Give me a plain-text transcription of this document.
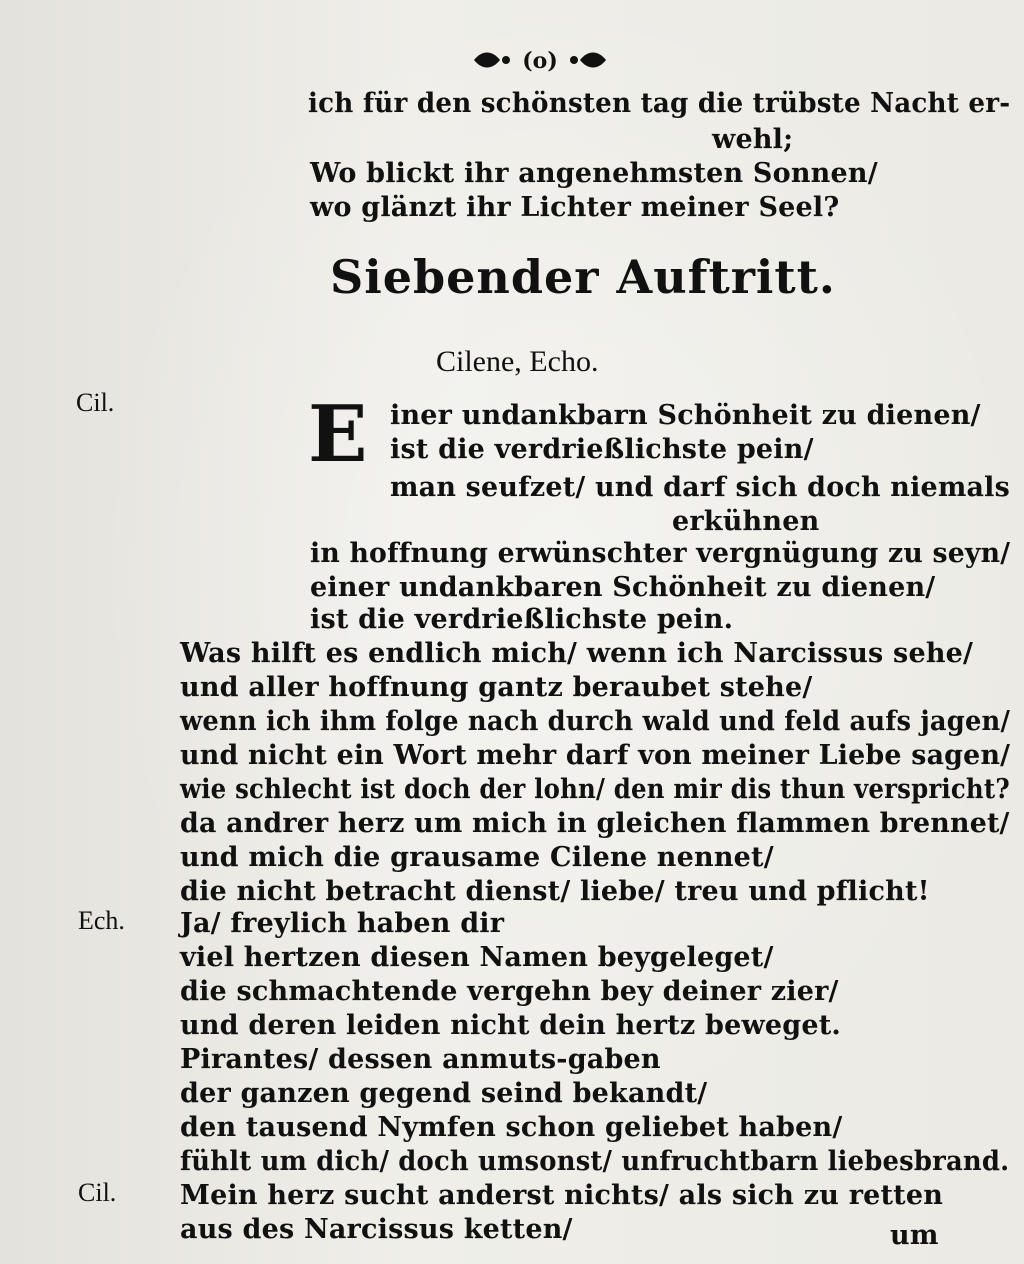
(o)
ich für den schönsten tag die trübste Nacht er-
wehl;
Wo blickt ihr angenehmsten Sonnen/
wo glänzt ihr Lichter meiner Seel?
Siebender Auftritt.
Cilene, Echo.
Cil. E iner undankbarn Schönheit zu dienen/
ist die verdrießlichste pein/
man seufzet/ und darf sich doch niemals
erkühnen
in hoffnung erwünschter vergnügung zu seyn/
einer undankbaren Schönheit zu dienen/
ist die verdrießlichste pein.
Was hilft es endlich mich/ wenn ich Narcissus sehe/
und aller hoffnung gantz beraubet stehe/
wenn ich ihm folge nach durch wald und feld aufs jagen/
und nicht ein Wort mehr darf von meiner Liebe sagen/
wie schlecht ist doch der lohn/ den mir dis thun verspricht?
da andrer herz um mich in gleichen flammen brennet/
und mich die grausame Cilene nennet/
die nicht betracht dienst/ liebe/ treu und pflicht!
Ech. Ja/ freylich haben dir
viel hertzen diesen Namen beygeleget/
die schmachtende vergehn bey deiner zier/
und deren leiden nicht dein hertz beweget.
Pirantes/ dessen anmuts-gaben
der ganzen gegend seind bekandt/
den tausend Nymfen schon geliebet haben/
fühlt um dich/ doch umsonst/ unfruchtbarn liebesbrand.
Cil. Mein herz sucht anderst nichts/ als sich zu retten
aus des Narcissus ketten/	um
